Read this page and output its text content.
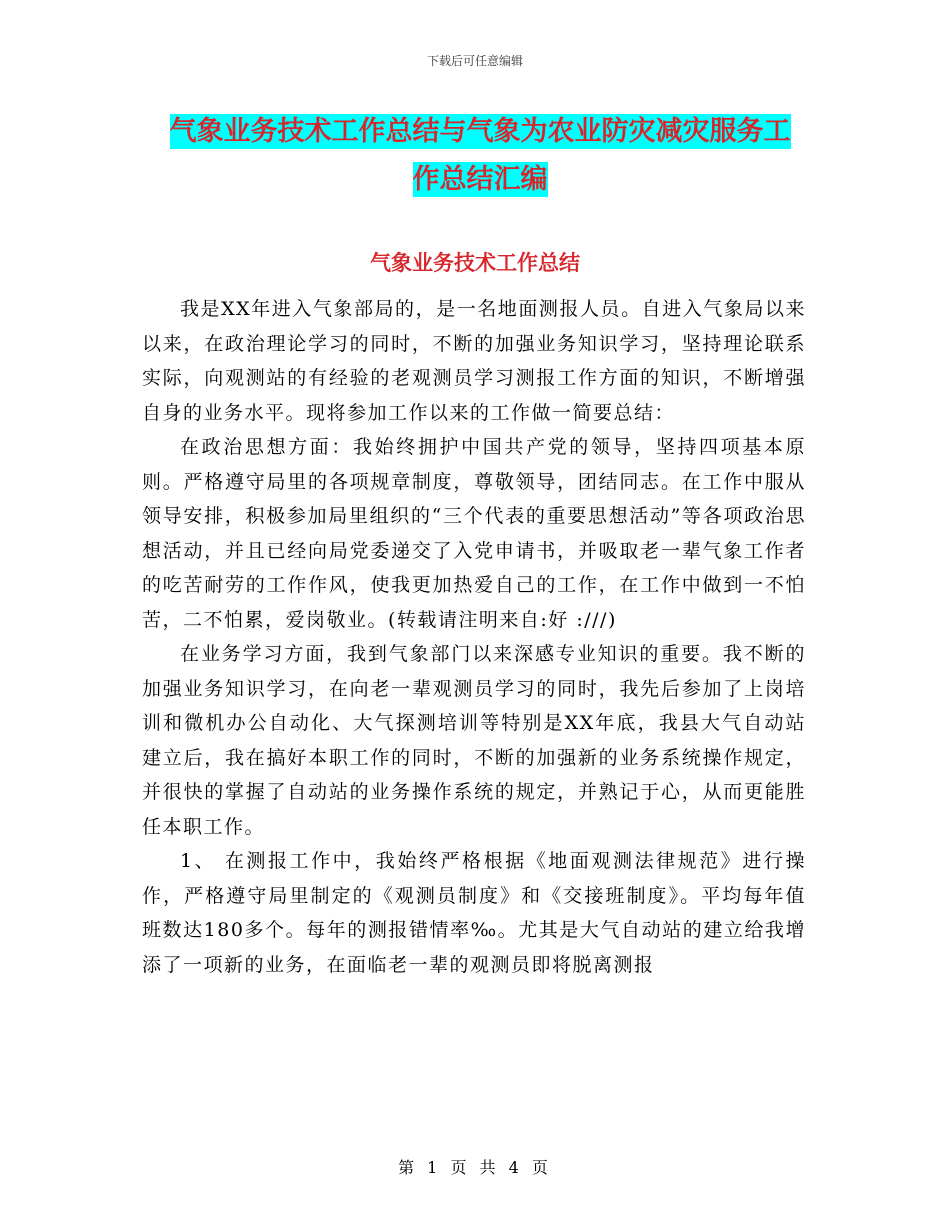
下载后可任意编辑
气象业务技术工作总结与气象为农业防灾减灾服务工
作总结汇编
气象业务技术工作总结

我是XX年进入气象部局的，是一名地面测报人员。自进入气象局以来以来，在政治理论学习的同时，不断的加强业务知识学习，坚持理论联系实际，向观测站的有经验的老观测员学习测报工作方面的知识，不断增强自身的业务水平。现将参加工作以来的工作做一简要总结：

在政治思想方面：我始终拥护中国共产党的领导，坚持四项基本原则。严格遵守局里的各项规章制度，尊敬领导，团结同志。在工作中服从领导安排，积极参加局里组织的“三个代表的重要思想活动”等各项政治思想活动，并且已经向局党委递交了入党申请书，并吸取老一辈气象工作者的吃苦耐劳的工作作风，使我更加热爱自己的工作，在工作中做到一不怕苦，二不怕累，爱岗敬业。(转载请注明来自:好 :///)

在业务学习方面，我到气象部门以来深感专业知识的重要。我不断的加强业务知识学习，在向老一辈观测员学习的同时，我先后参加了上岗培训和微机办公自动化、大气探测培训等特别是XX年底，我县大气自动站建立后，我在搞好本职工作的同时，不断的加强新的业务系统操作规定，并很快的掌握了自动站的业务操作系统的规定，并熟记于心，从而更能胜任本职工作。

1、 在测报工作中，我始终严格根据《地面观测法律规范》进行操作，严格遵守局里制定的《观测员制度》和《交接班制度》。平均每年值班数达180多个。每年的测报错情率‰。尤其是大气自动站的建立给我增添了一项新的业务，在面临老一辈的观测员即将脱离测报

第 1 页 共 4 页
